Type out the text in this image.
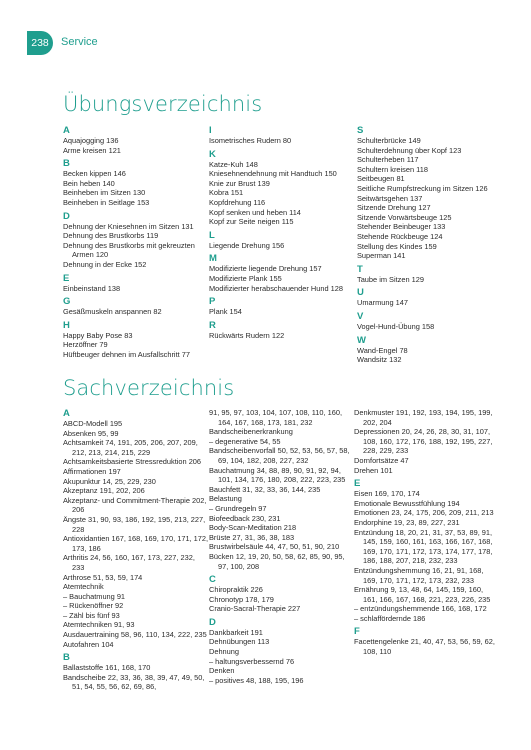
238 Service
Übungsverzeichnis
A
Aquajogging 136
Arme kreisen 121
B
Becken kippen 146
Bein heben 140
Beinheben im Sitzen 130
Beinheben in Seitlage 153
D
Dehnung der Kniesehnen im Sitzen 131
Dehnung des Brustkorbs 119
Dehnung des Brustkorbs mit gekreuzten Armen 120
Dehnung in der Ecke 152
E
Einbeinstand 138
G
Gesäßmuskeln anspannen 82
H
Happy Baby Pose 83
Herzöffner 79
Hüftbeuger dehnen im Ausfallschritt 77
I
Isometrisches Rudern 80
K
Katze-Kuh 148
Kniesehnendehnung mit Handtuch 150
Knie zur Brust 139
Kobra 151
Kopfdrehung 116
Kopf senken und heben 114
Kopf zur Seite neigen 115
L
Liegende Drehung 156
M
Modifizierte liegende Drehung 157
Modifizierte Plank 155
Modifizierter herabschauender Hund 128
P
Plank 154
R
Rückwärts Rudern 122
S
Schulterbrücke 149
Schulterdehnung über Kopf 123
Schulterheben 117
Schultern kreisen 118
Seitbeugen 81
Seitliche Rumpfstreckung im Sitzen 126
Seitwärtsgehen 137
Sitzende Drehung 127
Sitzende Vorwärtsbeuge 125
Stehender Beinbeuger 133
Stehende Rückbeuge 124
Stellung des Kindes 159
Superman 141
T
Taube im Sitzen 129
U
Umarmung 147
V
Vogel-Hund-Übung 158
W
Wand-Engel 78
Wandsitz 132
Sachverzeichnis
A
ABCD-Modell 195
Absenken 95, 99
Achtsamkeit 74, 191, 205, 206, 207, 209, 212, 213, 214, 215, 229
Achtsamkeitsbasierte Stressreduktion 206
Affirmationen 197
Akupunktur 14, 25, 229, 230
Akzeptanz 191, 202, 206
Akzeptanz- und Commitment-Therapie 202, 206
Ängste 31, 90, 93, 186, 192, 195, 213, 227, 228
Antioxidantien 167, 168, 169, 170, 171, 172, 173, 186
Arthritis 24, 56, 160, 167, 173, 227, 232, 233
Arthrose 51, 53, 59, 174
Atemtechnik
– Bauchatmung 91
– Rückenöffner 92
– Zähl bis fünf 93
Atemtechniken 91, 93
Ausdauertraining 58, 96, 110, 134, 222, 235
Autofahren 104
B
Ballaststoffe 161, 168, 170
Bandscheibe 22, 33, 36, 38, 39, 47, 49, 50, 51, 54, 55, 56, 62, 69, 86,
91, 95, 97, 103, 104, 107, 108, 110, 160, 164, 167, 168, 173, 181, 232
Bandscheibenerkrankung
– degenerative 54, 55
Bandscheibenvorfall 50, 52, 53, 56, 57, 58, 69, 104, 182, 208, 227, 232
Bauchatmung 34, 88, 89, 90, 91, 92, 94, 101, 134, 176, 180, 208, 222, 223, 235
Bauchfett 31, 32, 33, 36, 144, 235
Belastung
– Grundregeln 97
Biofeedback 230, 231
Body-Scan-Meditation 218
Brüste 27, 31, 36, 38, 183
Brustwirbelsäule 44, 47, 50, 51, 90, 210
Bücken 12, 19, 20, 50, 58, 62, 85, 90, 95, 97, 100, 208
C
Chiropraktik 226
Chronotyp 178, 179
Cranio-Sacral-Therapie 227
D
Dankbarkeit 191
Dehnübungen 113
Dehnung
– haltungsverbessernd 76
Denken
– positives 48, 188, 195, 196
Denkmuster 191, 192, 193, 194, 195, 199, 202, 204
Depressionen 20, 24, 26, 28, 30, 31, 107, 108, 160, 172, 176, 188, 192, 195, 227, 228, 229, 233
Dornfortsätze 47
Drehen 101
E
Eisen 169, 170, 174
Emotionale Bewusstfühlung 194
Emotionen 23, 24, 175, 206, 209, 211, 213
Endorphine 19, 23, 89, 227, 231
Entzündung 18, 20, 21, 31, 37, 53, 89, 91, 145, 159, 160, 161, 163, 166, 167, 168, 169, 170, 171, 172, 173, 174, 177, 178, 186, 188, 207, 218, 232, 233
Entzündungshemmung 16, 21, 91, 168, 169, 170, 171, 172, 173, 232, 233
Ernährung 9, 13, 48, 64, 145, 159, 160, 161, 166, 167, 168, 221, 223, 226, 235
– entzündungshemmende 166, 168, 172
– schlaffördernde 186
F
Facettengelenke 21, 40, 47, 53, 56, 59, 62, 108, 110
